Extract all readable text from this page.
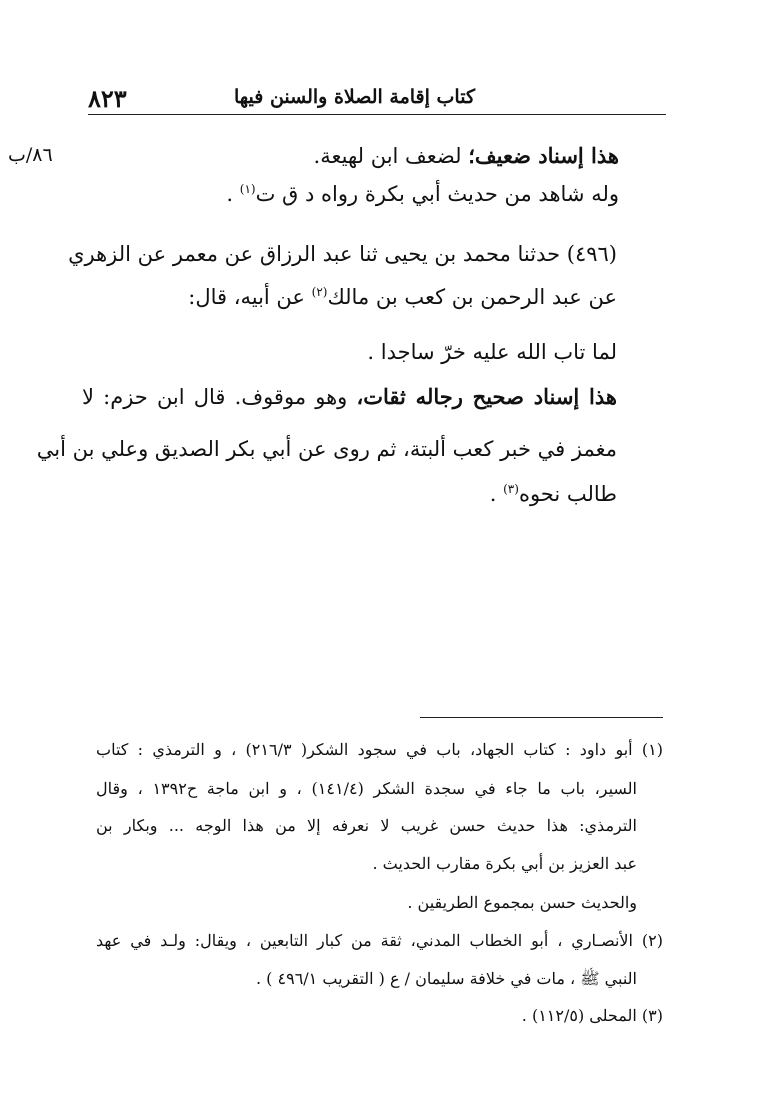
كتاب إقامة الصلاة والسنن فيها
٨٢٣
٨٦/ب	هذا إسناد ضعيف؛ لضعف ابن لهيعة.
وله شاهد من حديث أبي بكرة رواه د ق ت$^{(١)}$ .
(٤٩٦) حدثنا محمد بن يحيى ثنا عبد الرزاق عن معمر عن الزهري
عن عبد الرحمن بن كعب بن مالك$^{(٢)}$ عن أبيه، قال:
لما تاب الله عليه خرّ ساجدا .
هذا إسناد صحيح رجاله ثقات، وهو موقوف. قال ابن حزم: لا
مغمز في خبر كعب ألبتة، ثم روى عن أبي بكر الصديق وعلي بن أبي
طالب نحوه$^{(٣)}$ .
(١) أبو داود : كتاب الجهاد، باب في سجود الشكر( ٢١٦/٣) ، و الترمذي : كتاب
السير، باب ما جاء في سجدة الشكر (١٤١/٤) ، و ابن ماجة ح١٣٩٢ ، وقال
الترمذي: هذا حديث حسن غريب لا نعرفه إلا من هذا الوجه ... وبكار بن
عبد العزيز بن أبي بكرة مقارب الحديث .
والحديث حسن بمجموع الطريقين .
(٢) الأنصـاري ، أبو الخطاب المدني، ثقة من كبار التابعين ، ويقال: ولـد في عهد
النبي ﷺ ، مات في خلافة سليمان / ع ( التقريب ٤٩٦/١ ) .
(٣) المحلى (١١٢/٥) .
